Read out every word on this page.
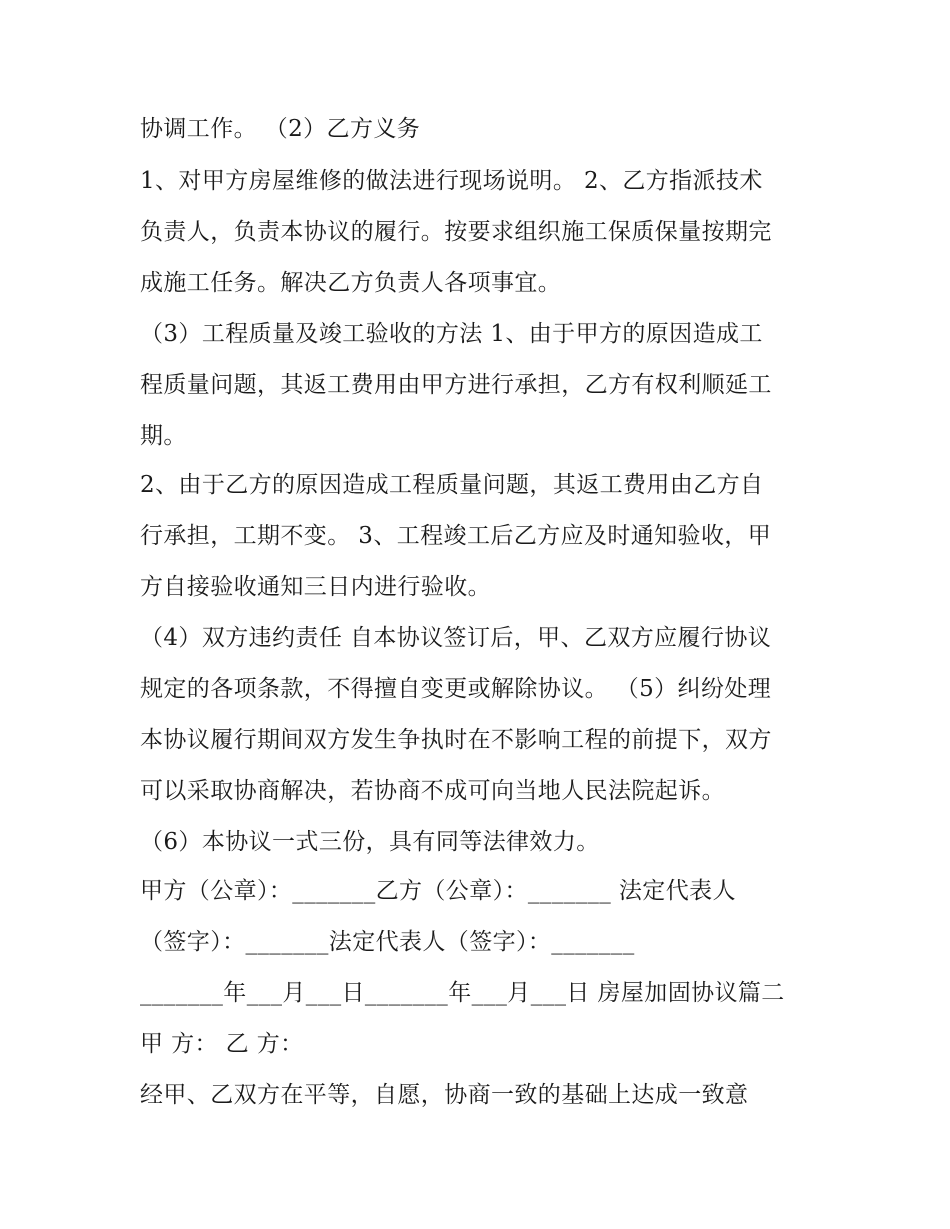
协调工作。 （2）乙方义务
1、对甲方房屋维修的做法进行现场说明。 2、乙方指派技术
负责人，负责本协议的履行。按要求组织施工保质保量按期完
成施工任务。解决乙方负责人各项事宜。
（3）工程质量及竣工验收的方法 1、由于甲方的原因造成工
程质量问题，其返工费用由甲方进行承担，乙方有权利顺延工
期。
2、由于乙方的原因造成工程质量问题，其返工费用由乙方自
行承担，工期不变。 3、工程竣工后乙方应及时通知验收，甲
方自接验收通知三日内进行验收。
（4）双方违约责任 自本协议签订后，甲、乙双方应履行协议
规定的各项条款，不得擅自变更或解除协议。 （5）纠纷处理
本协议履行期间双方发生争执时在不影响工程的前提下，双方
可以采取协商解决，若协商不成可向当地人民法院起诉。
（6）本协议一式三份，具有同等法律效力。
甲方（公章）：_______乙方（公章）：_______ 法定代表人
（签字）：_______法定代表人（签字）：_______
_______年___月___日_______年___月___日 房屋加固协议篇二
甲 方： 乙 方：
经甲、乙双方在平等，自愿，协商一致的基础上达成一致意
